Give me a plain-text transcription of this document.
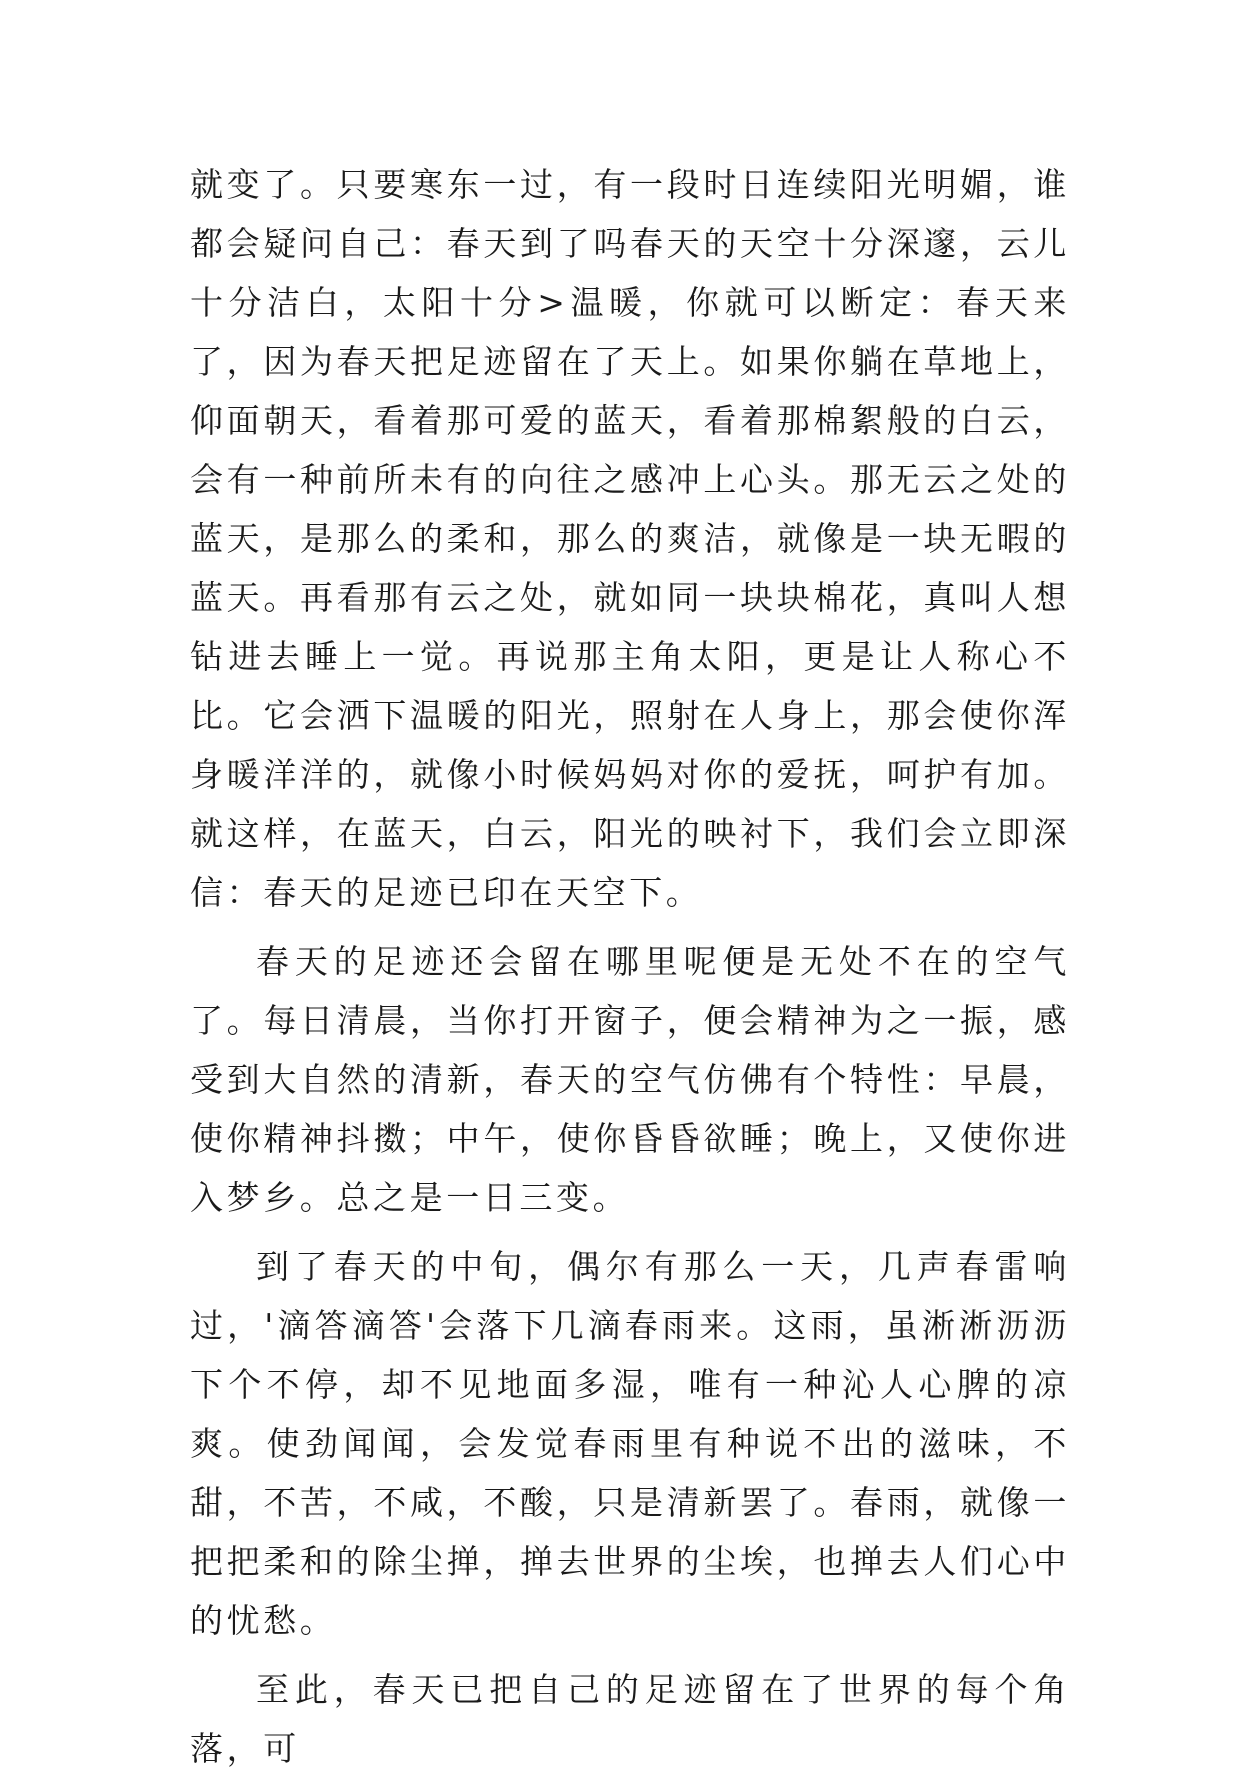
就变了。只要寒东一过，有一段时日连续阳光明媚，谁都会疑问自己：春天到了吗春天的天空十分深邃，云儿十分洁白，太阳十分>温暖，你就可以断定：春天来了，因为春天把足迹留在了天上。如果你躺在草地上，仰面朝天，看着那可爱的蓝天，看着那棉絮般的白云，会有一种前所未有的向往之感冲上心头。那无云之处的蓝天，是那么的柔和，那么的爽洁，就像是一块无暇的蓝天。再看那有云之处，就如同一块块棉花，真叫人想钻进去睡上一觉。再说那主角太阳，更是让人称心不比。它会洒下温暖的阳光，照射在人身上，那会使你浑身暖洋洋的，就像小时候妈妈对你的爱抚，呵护有加。就这样，在蓝天，白云，阳光的映衬下，我们会立即深信：春天的足迹已印在天空下。

春天的足迹还会留在哪里呢便是无处不在的空气了。每日清晨，当你打开窗子，便会精神为之一振，感受到大自然的清新，春天的空气仿佛有个特性：早晨，使你精神抖擞；中午，使你昏昏欲睡；晚上，又使你进入梦乡。总之是一日三变。

到了春天的中旬，偶尔有那么一天，几声春雷响过，'滴答滴答'会落下几滴春雨来。这雨，虽淅淅沥沥下个不停，却不见地面多湿，唯有一种沁人心脾的凉爽。使劲闻闻，会发觉春雨里有种说不出的滋味，不甜，不苦，不咸，不酸，只是清新罢了。春雨，就像一把把柔和的除尘掸，掸去世界的尘埃，也掸去人们心中的忧愁。

至此，春天已把自己的足迹留在了世界的每个角落，可
